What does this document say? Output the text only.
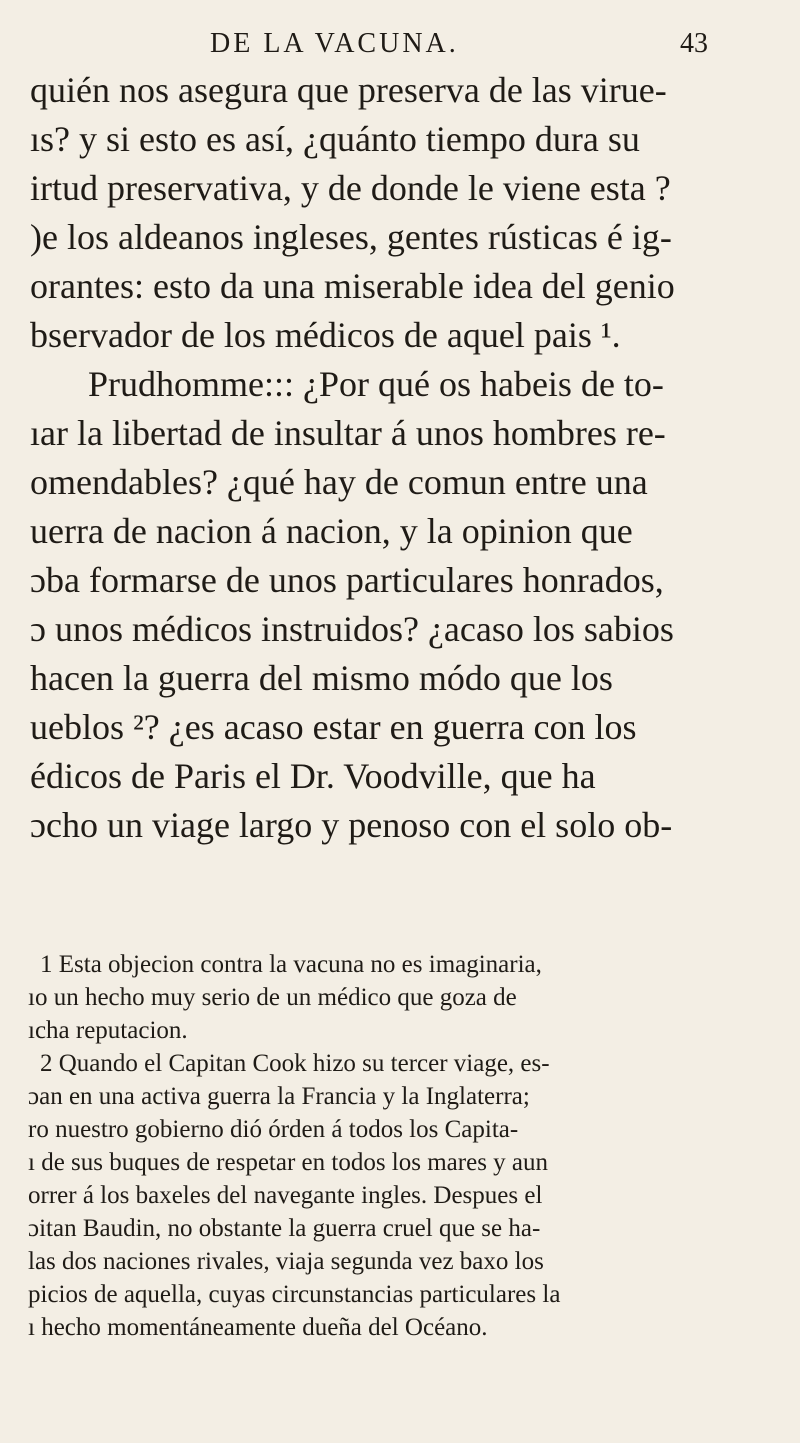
DE LA VACUNA.	43
quién nos asegura que preserva de las virue-
ıs? y si esto es así, ¿quánto tiempo dura su
irtud preservativa, y de donde le viene esta ?
)e los aldeanos ingleses, gentes rústicas é ig-
orantes: esto da una miserable idea del genio
bservador de los médicos de aquel pais ¹.
Prudhomme::: ¿Por qué os habeis de to-
ıar la libertad de insultar á unos hombres re-
omendables? ¿qué hay de comun entre una
uerra de nacion á nacion, y la opinion que
ɔba formarse de unos particulares honrados,
ɔ unos médicos instruidos? ¿acaso los sabios
hacen la guerra del mismo módo que los
ueblos ²? ¿es acaso estar en guerra con los
édicos de Paris el Dr. Voodville, que ha
ɔcho un viage largo y penoso con el solo ob-
1 Esta objecion contra la vacuna no es imaginaria,
ıo un hecho muy serio de un médico que goza de
ıcha reputacion.
2 Quando el Capitan Cook hizo su tercer viage, es-
ɔan en una activa guerra la Francia y la Inglaterra;
ro nuestro gobierno dió órden á todos los Capita-
ı de sus buques de respetar en todos los mares y aun
orrer á los baxeles del navegante ingles. Despues el
ɔitan Baudin, no obstante la guerra cruel que se ha-
las dos naciones rivales, viaja segunda vez baxo los
picios de aquella, cuyas circunstancias particulares la
ı hecho momentáneamente dueña del Océano.
